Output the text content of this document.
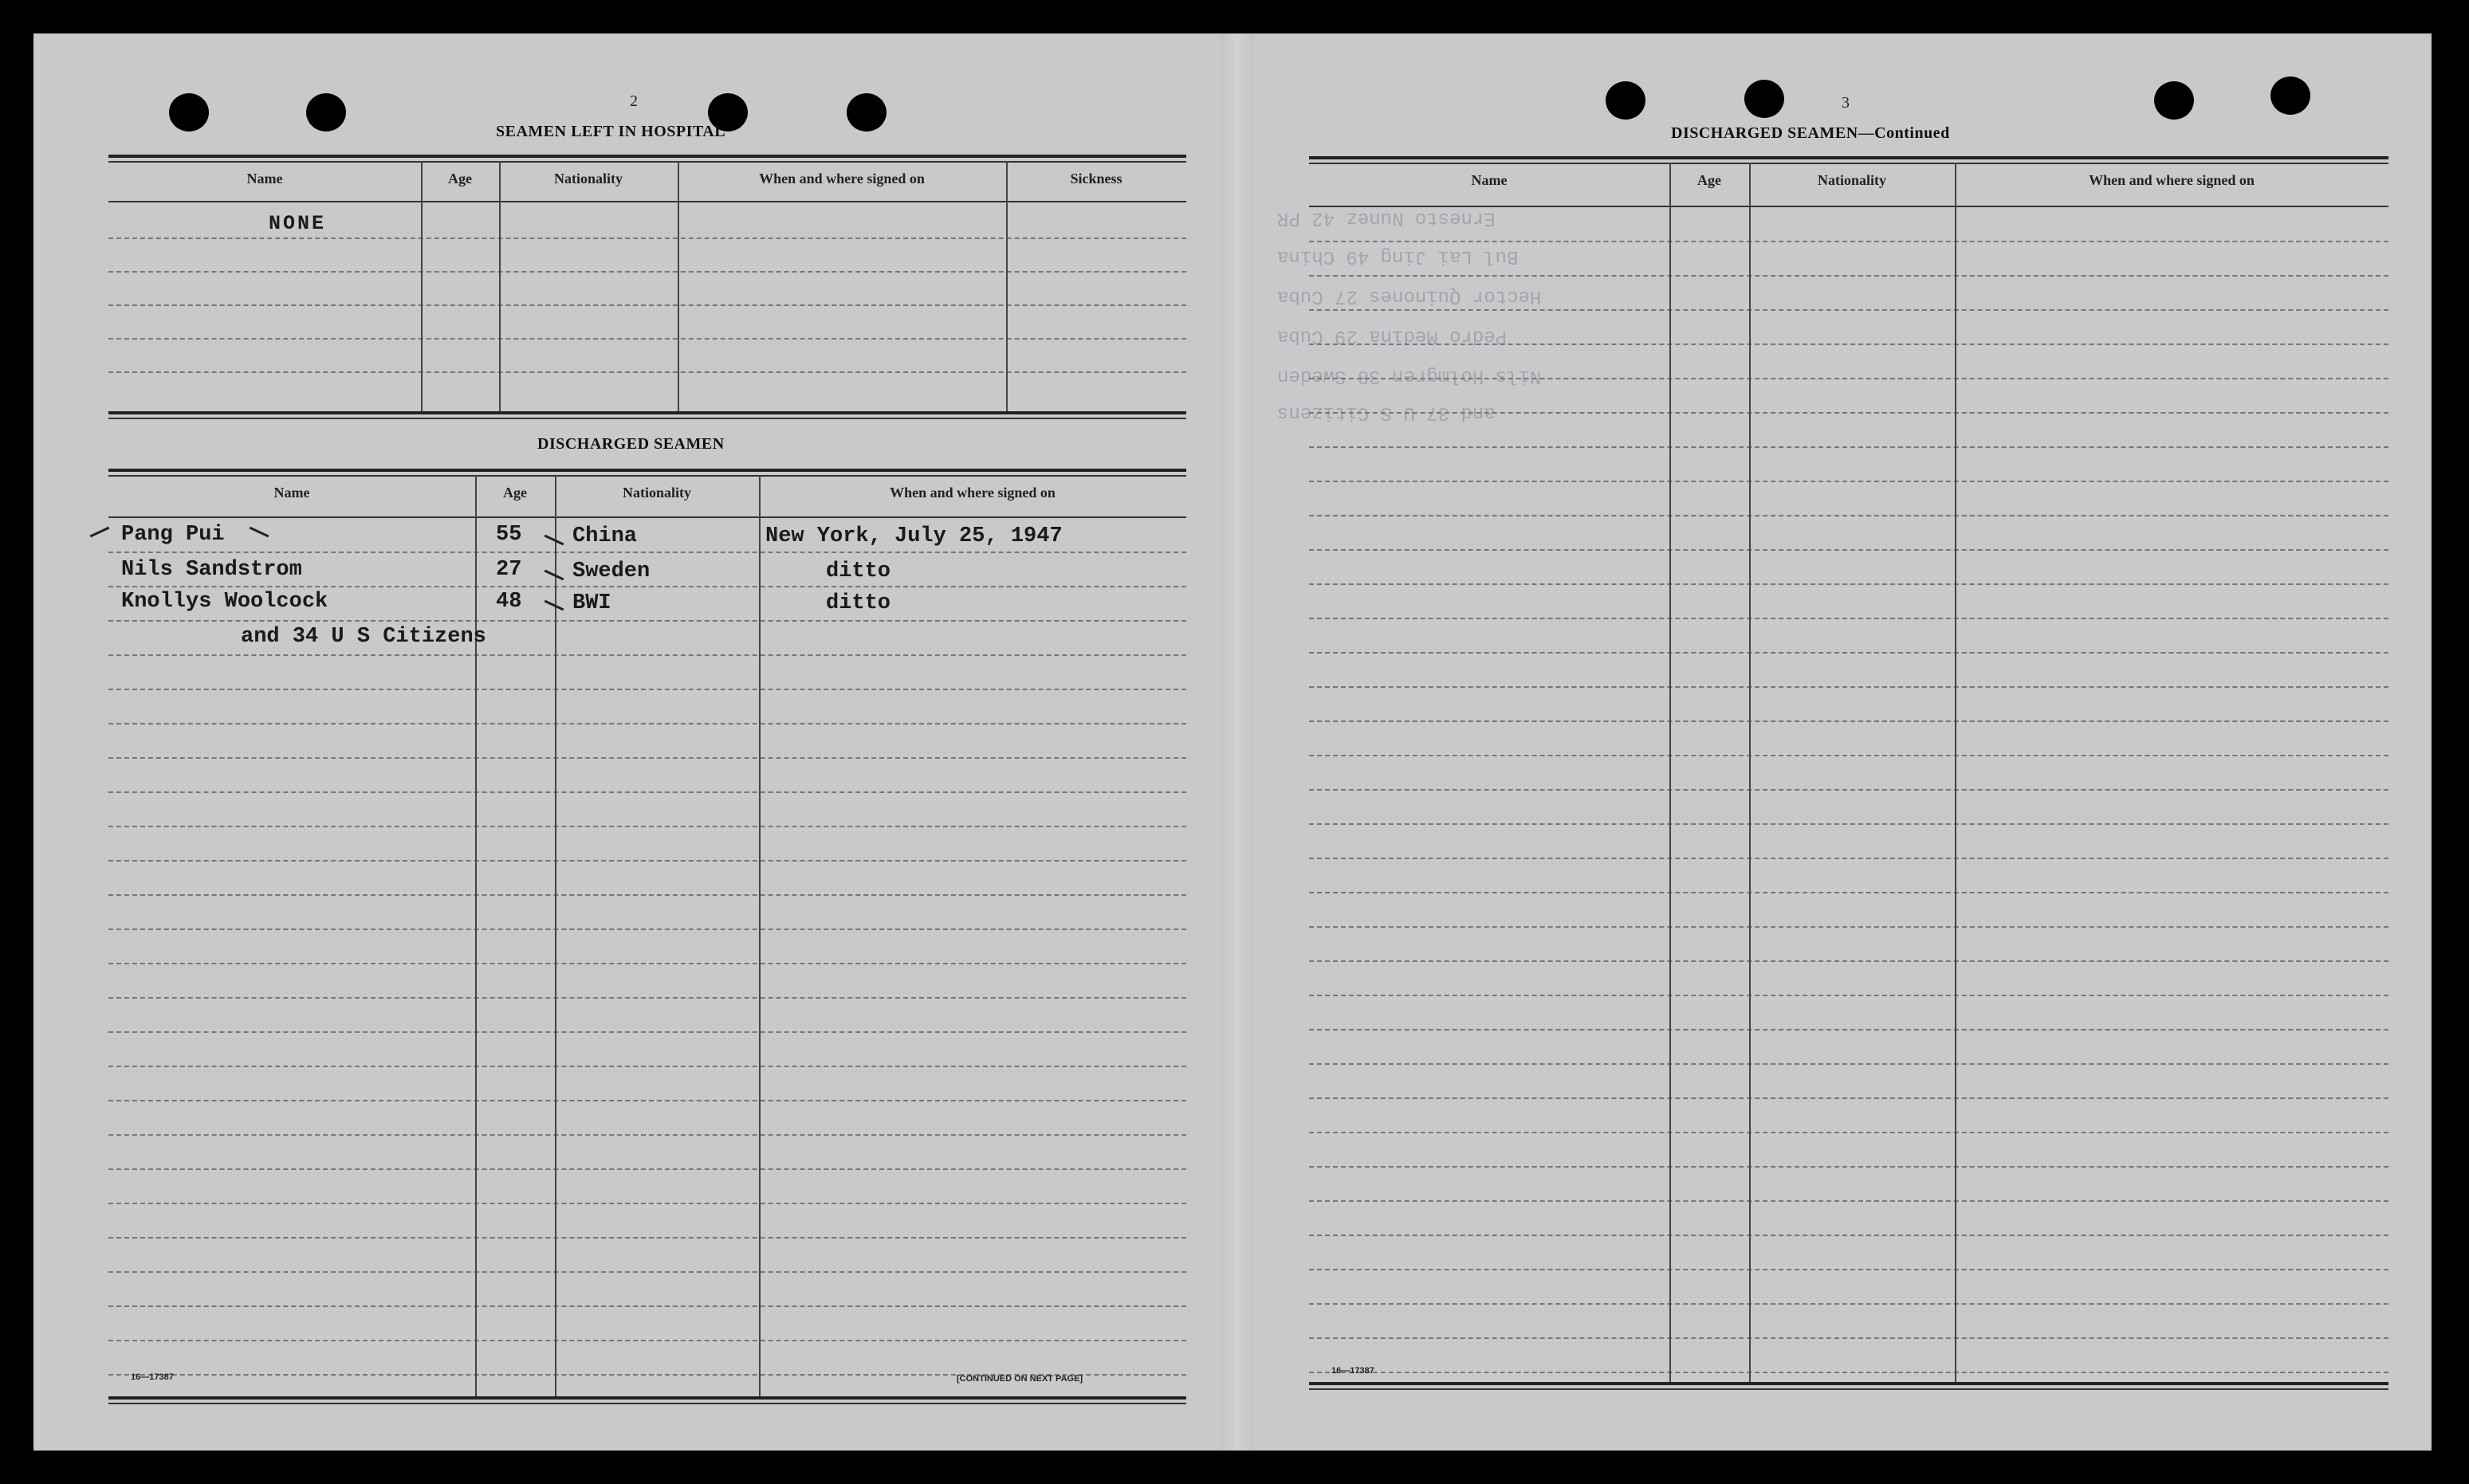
Ernesto Nunez 42 PR
Bul Lai Jing 49 China
Hector Quinones 27 Cuba
Pedro Medina 29 Cuba
Nils Holmgren 38 Sweden
and 37 U S Citizens
2
SEAMEN LEFT IN HOSPITAL
Name	Age	Nationality	When and where signed on	Sickness
NONE
DISCHARGED SEAMEN
Name	Age	Nationality	When and where signed on
Pang Pui	55 China	New York, July 25, 1947
Nils Sandstrom	27 Sweden	ditto
Knollys Woolcock	48 BWI	ditto
and 34 U S Citizens
16—17387	[CONTINUED ON NEXT PAGE]
3
DISCHARGED SEAMEN—Continued
Name	Age	Nationality	When and where signed on
16—17387
